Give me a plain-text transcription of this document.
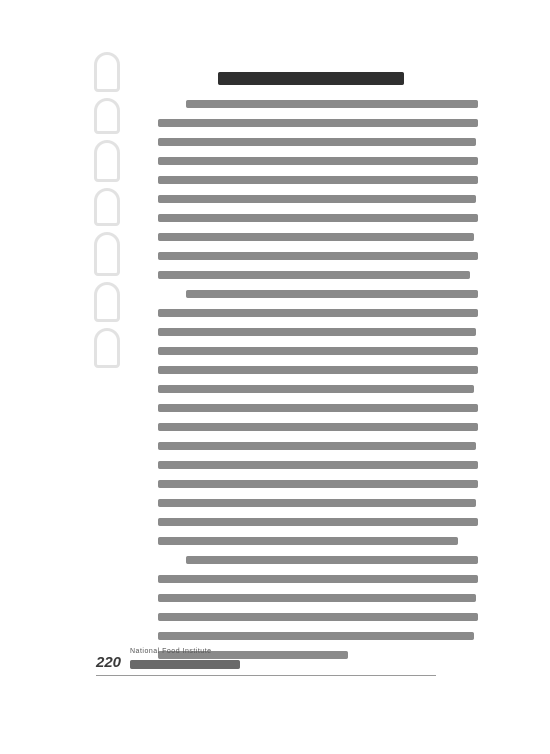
220
National Food Institute
